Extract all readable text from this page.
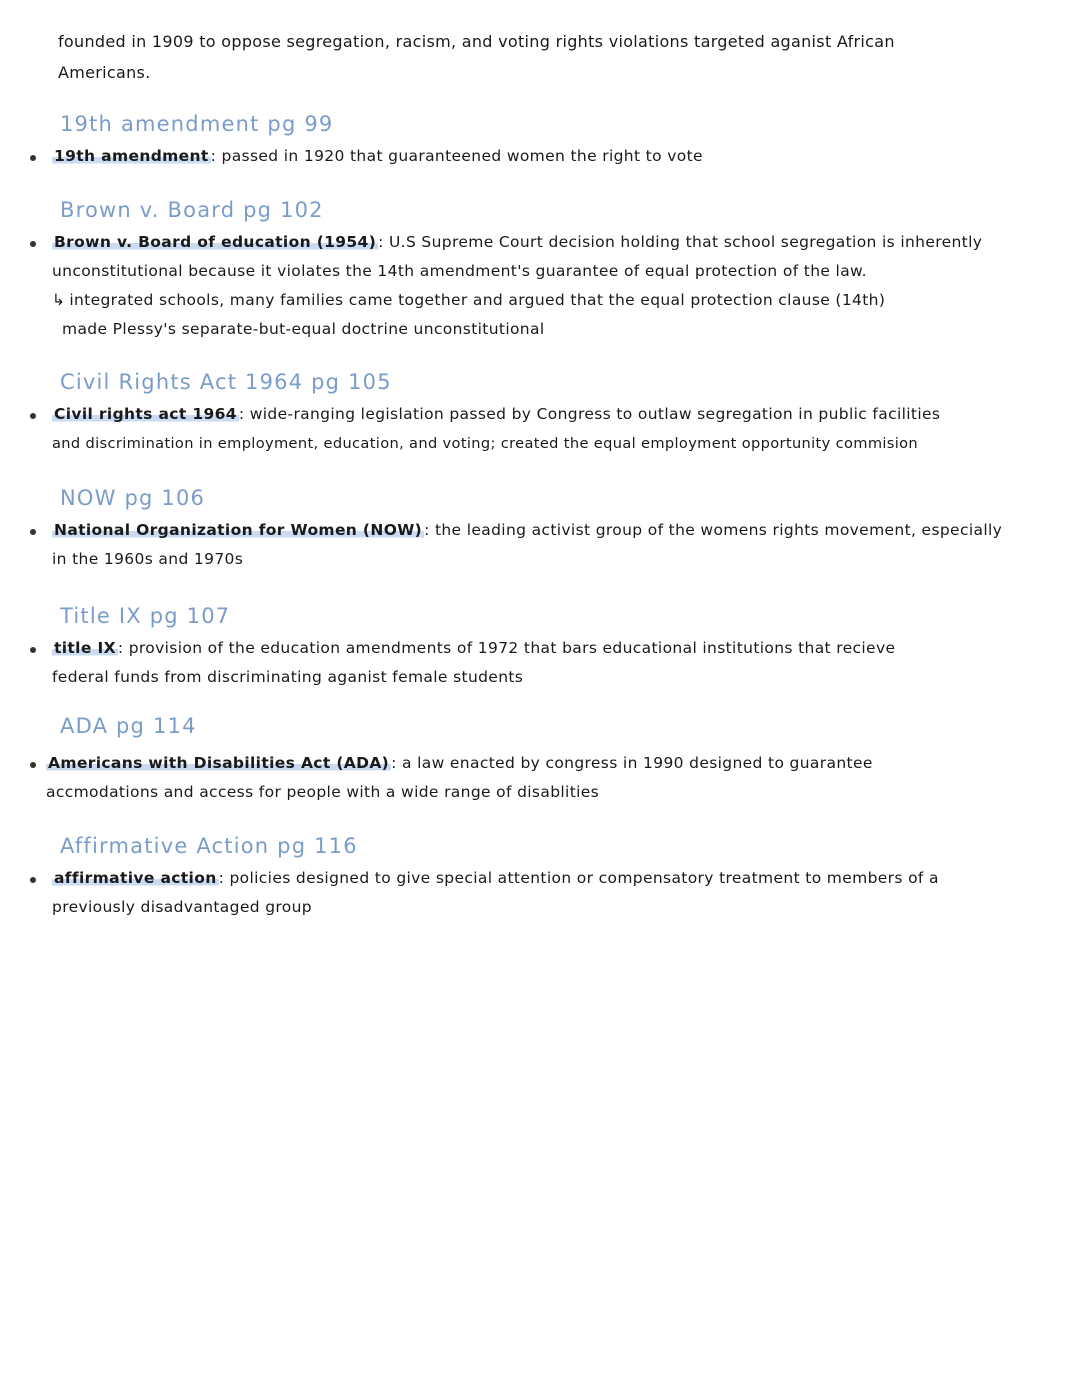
founded in 1909 to oppose segregation, racism, and voting rights violations targeted aganist African
Americans.
19th amendment pg 99
19th amendment : passed in 1920 that guaranteened women the right to vote
Brown v. Board pg 102
Brown v. Board of education (1954) : U.S Supreme Court decision holding that school segregation is inherently
unconstitutional because it violates the 14th amendment's guarantee of equal protection of the law.
↳ integrated schools, many families came together and argued that the equal protection clause (14th)
made Plessy's separate-but-equal doctrine unconstitutional
Civil Rights Act 1964 pg 105
Civil rights act 1964 : wide-ranging legislation passed by Congress to outlaw segregation in public facilities
and discrimination in employment, education, and voting; created the equal employment opportunity commision
NOW pg 106
National Organization for Women (NOW) : the leading activist group of the womens rights movement, especially
in the 1960s and 1970s
Title IX pg 107
title IX : provision of the education amendments of 1972 that bars educational institutions that recieve
federal funds from discriminating aganist female students
ADA pg 114
Americans with Disabilities Act (ADA) : a law enacted by congress in 1990 designed to guarantee
accmodations and access for people with a wide range of disablities
Affirmative Action pg 116
affirmative action : policies designed to give special attention or compensatory treatment to members of a
previously disadvantaged group
